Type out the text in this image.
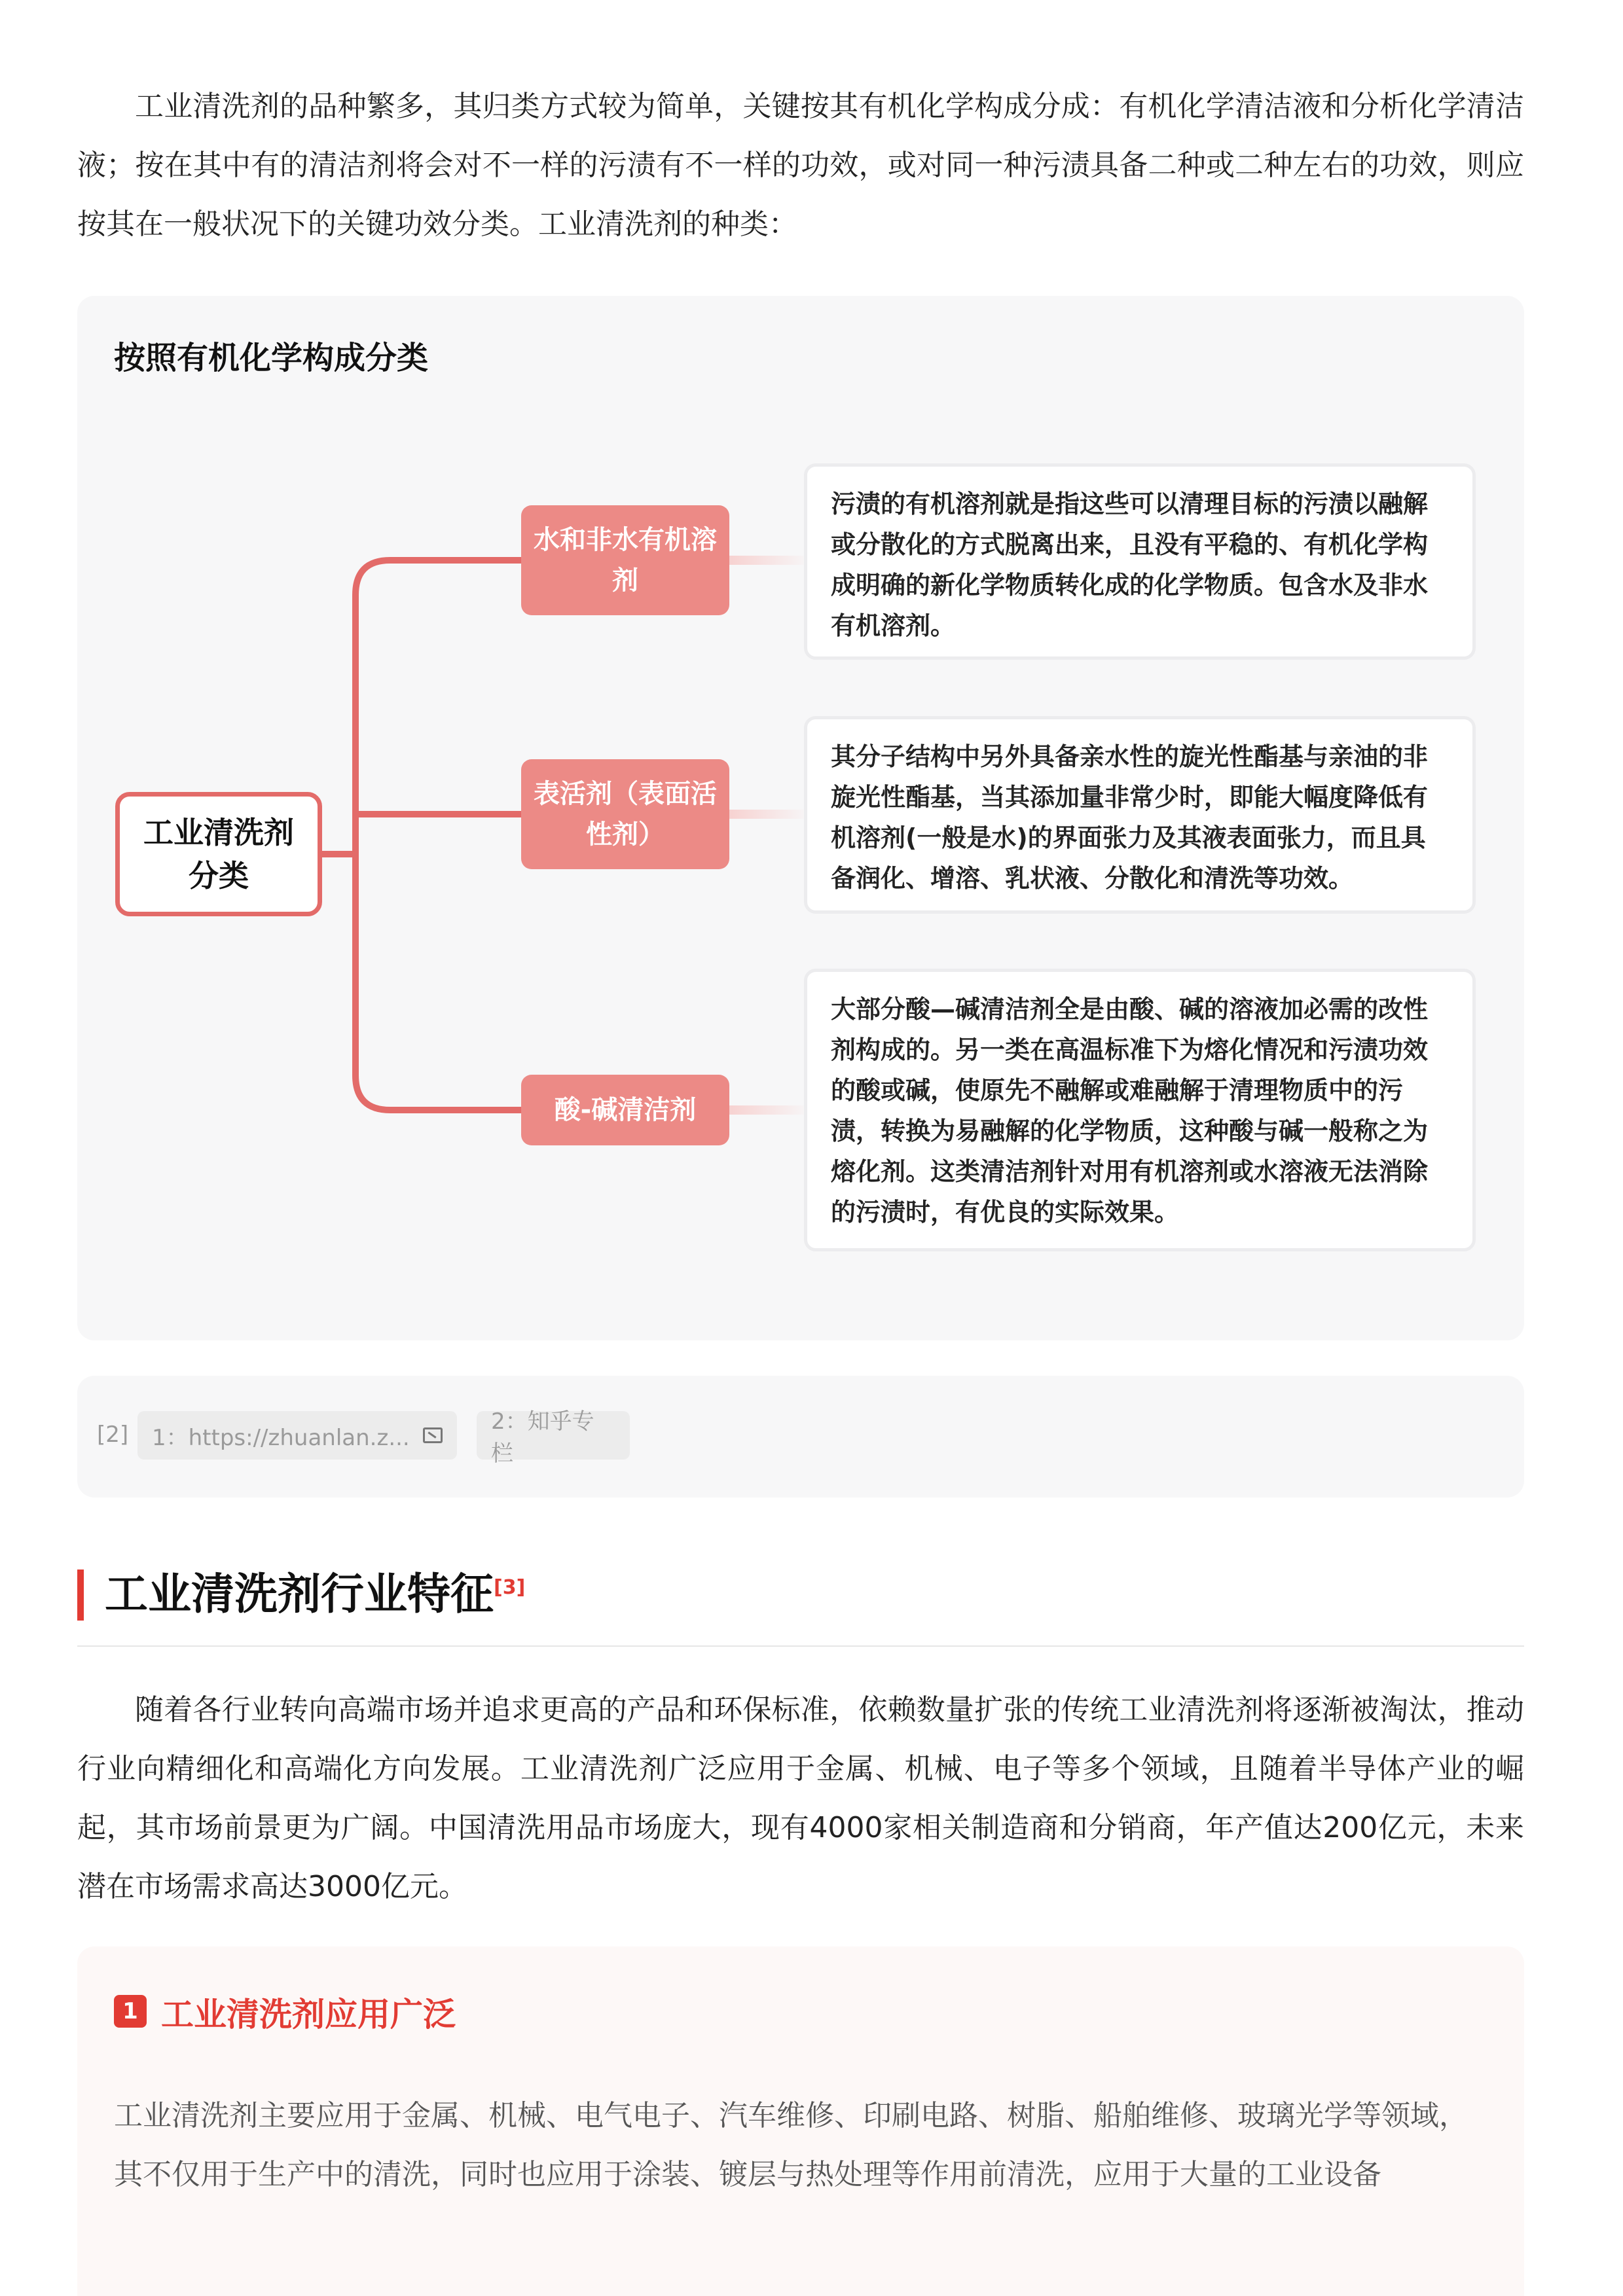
工业清洗剂的品种繁多，其归类方式较为简单，关键按其有机化学构成分成：有机化学清洁液和分析化学清洁液；按在其中有的清洁剂将会对不一样的污渍有不一样的功效，或对同一种污渍具备二种或二种左右的功效，则应按其在一般状况下的关键功效分类。工业清洗剂的种类：

按照有机化学构成分类
工业清洗剂分类
水和非水有机溶剂
污渍的有机溶剂就是指这些可以清理目标的污渍以融解或分散化的方式脱离出来，且没有平稳的、有机化学构成明确的新化学物质转化成的化学物质。包含水及非水有机溶剂。
表活剂（表面活性剂）
其分子结构中另外具备亲水性的旋光性酯基与亲油的非旋光性酯基，当其添加量非常少时，即能大幅度降低有机溶剂(一般是水)的界面张力及其液表面张力，而且具备润化、增溶、乳状液、分散化和清洗等功效。
酸-碱清洁剂
大部分酸—碱清洁剂全是由酸、碱的溶液加必需的改性剂构成的。另一类在高温标准下为熔化情况和污渍功效的酸或碱，使原先不融解或难融解于清理物质中的污渍，转换为易融解的化学物质，这种酸与碱一般称之为熔化剂。这类清洁剂针对用有机溶剂或水溶液无法消除的污渍时，有优良的实际效果。
[2] 1：https://zhuanlan.z...
2：知乎专栏
工业清洗剂行业特征[3]

随着各行业转向高端市场并追求更高的产品和环保标准，依赖数量扩张的传统工业清洗剂将逐渐被淘汰，推动行业向精细化和高端化方向发展。工业清洗剂广泛应用于金属、机械、电子等多个领域，且随着半导体产业的崛起，其市场前景更为广阔。中国清洗用品市场庞大，现有4000家相关制造商和分销商，年产值达200亿元，未来潜在市场需求高达3000亿元。

1 工业清洗剂应用广泛

工业清洗剂主要应用于金属、机械、电气电子、汽车维修、印刷电路、树脂、船舶维修、玻璃光学等领域，其不仅用于生产中的清洗，同时也应用于涂装、镀层与热处理等作用前清洗，应用于大量的工业设备
